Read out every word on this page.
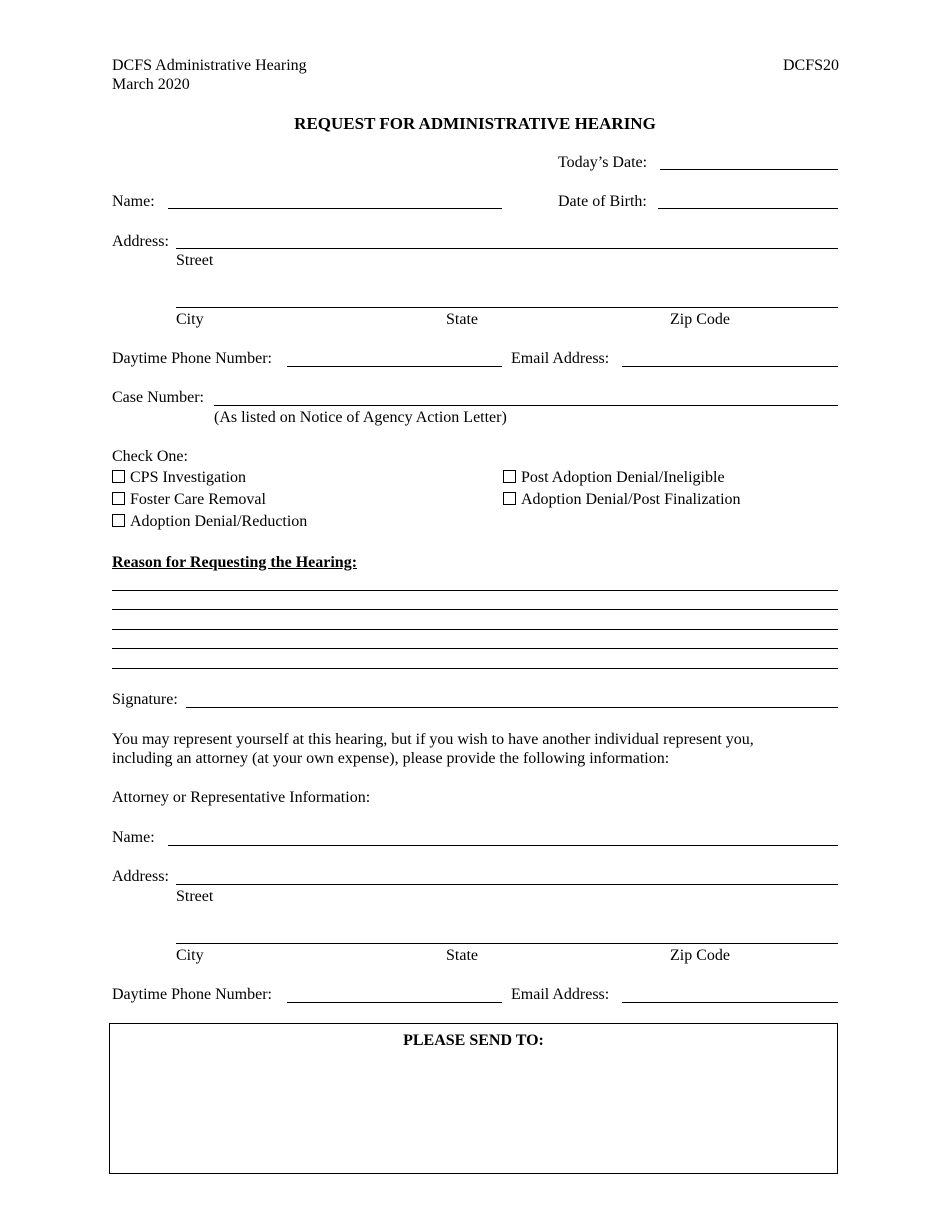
DCFS Administrative Hearing
March 2020
DCFS20
REQUEST FOR ADMINISTRATIVE HEARING
Today’s Date:
Name:	Date of Birth:
Address:
Street
City	State	Zip Code
Daytime Phone Number:	Email Address:
Case Number:
(As listed on Notice of Agency Action Letter)
Check One:
CPS Investigation
Foster Care Removal
Adoption Denial/Reduction
Post Adoption Denial/Ineligible
Adoption Denial/Post Finalization
Reason for Requesting the Hearing:
Signature:
You may represent yourself at this hearing, but if you wish to have another individual represent you,
including an attorney (at your own expense), please provide the following information:
Attorney or Representative Information:
Name:
Address:
Street
City	State	Zip Code
Daytime Phone Number:	Email Address:
PLEASE SEND TO:
